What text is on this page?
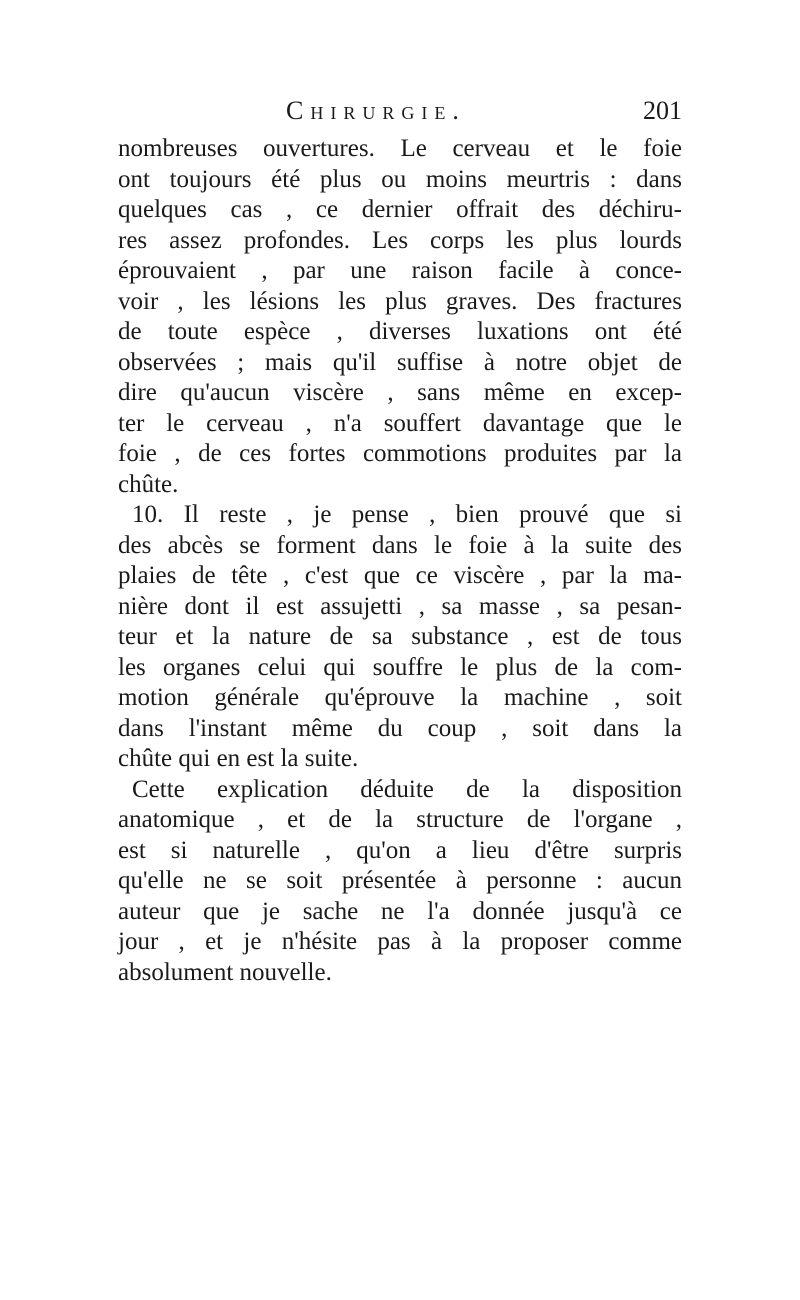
Chirurgie.	201
nombreuses ouvertures. Le cerveau et le foie
ont toujours été plus ou moins meurtris : dans
quelques cas , ce dernier offrait des déchiru-
res assez profondes. Les corps les plus lourds
éprouvaient , par une raison facile à conce-
voir , les lésions les plus graves. Des fractures
de toute espèce , diverses luxations ont été
observées ; mais qu'il suffise à notre objet de
dire qu'aucun viscère , sans même en excep-
ter le cerveau , n'a souffert davantage que le
foie , de ces fortes commotions produites par la
chûte.
10. Il reste , je pense , bien prouvé que si
des abcès se forment dans le foie à la suite des
plaies de tête , c'est que ce viscère , par la ma-
nière dont il est assujetti , sa masse , sa pesan-
teur et la nature de sa substance , est de tous
les organes celui qui souffre le plus de la com-
motion générale qu'éprouve la machine , soit
dans l'instant même du coup , soit dans la
chûte qui en est la suite.
Cette explication déduite de la disposition
anatomique , et de la structure de l'organe ,
est si naturelle , qu'on a lieu d'être surpris
qu'elle ne se soit présentée à personne : aucun
auteur que je sache ne l'a donnée jusqu'à ce
jour , et je n'hésite pas à la proposer comme
absolument nouvelle.
